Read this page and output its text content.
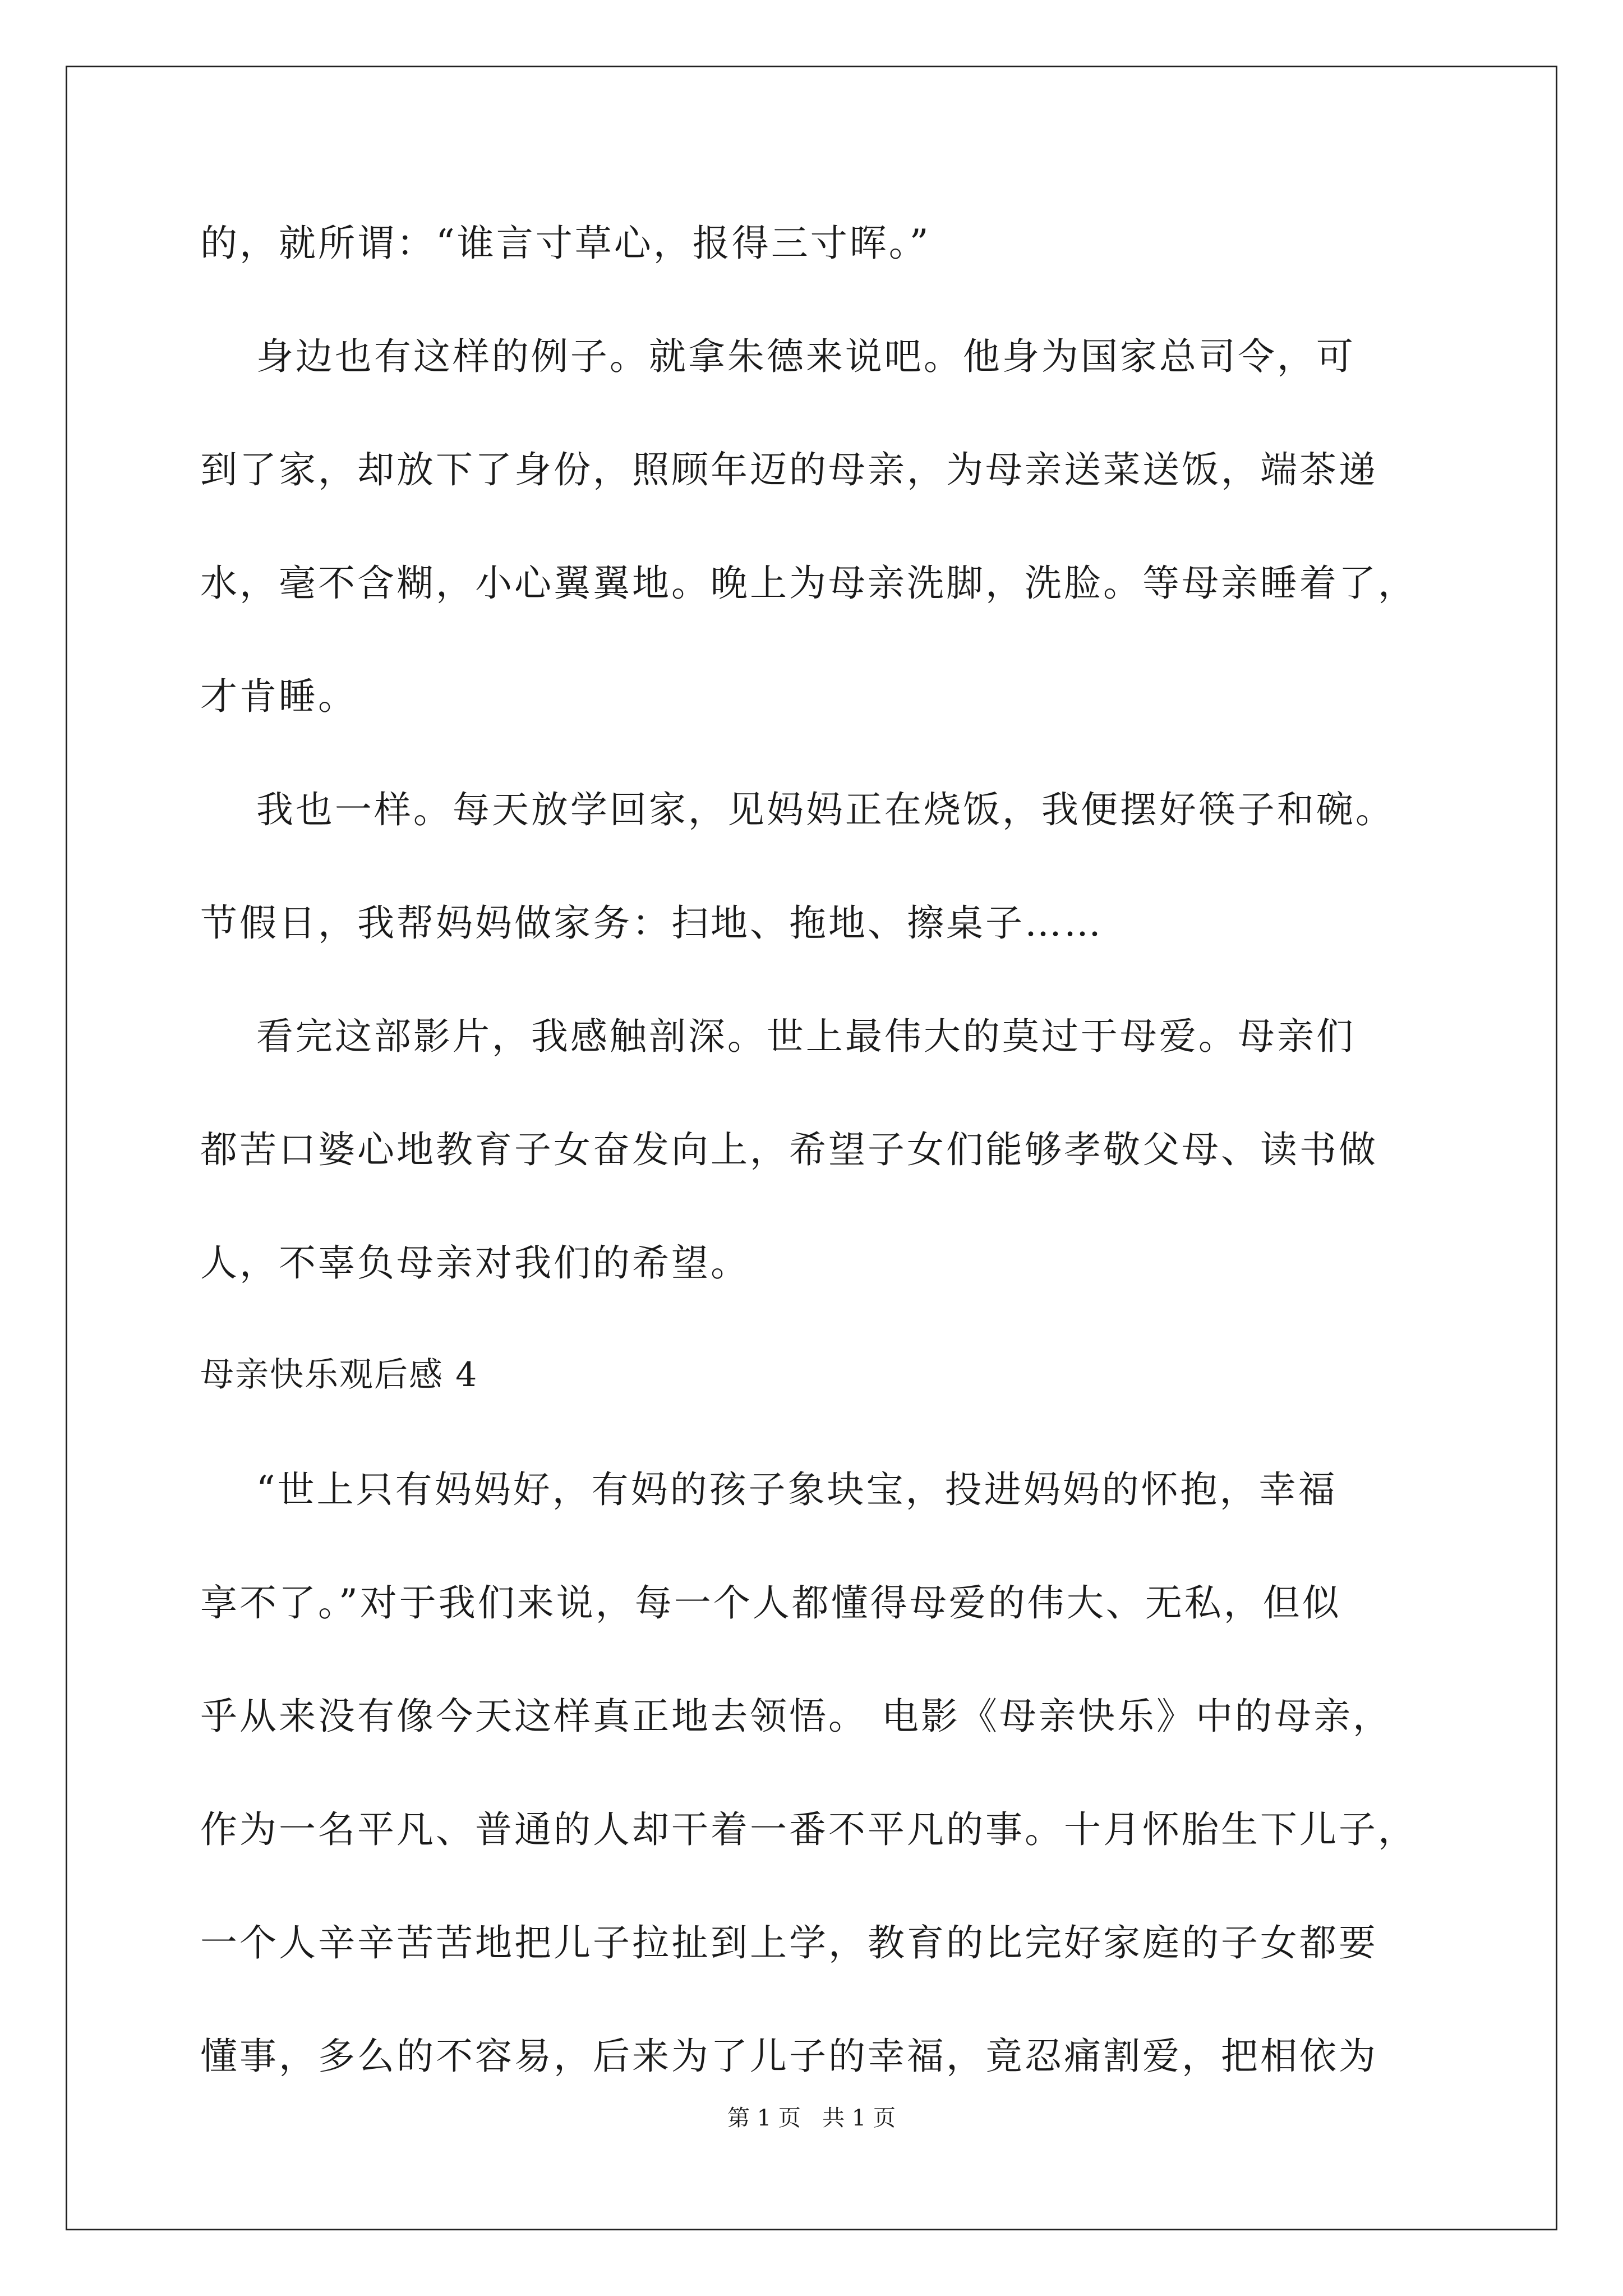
的，就所谓：“谁言寸草心，报得三寸晖。”
身边也有这样的例子。就拿朱德来说吧。他身为国家总司令，可
到了家，却放下了身份，照顾年迈的母亲，为母亲送菜送饭，端茶递
水，毫不含糊，小心翼翼地。晚上为母亲洗脚，洗脸。等母亲睡着了，
才肯睡。
我也一样。每天放学回家，见妈妈正在烧饭，我便摆好筷子和碗。
节假日，我帮妈妈做家务：扫地、拖地、擦桌子……
看完这部影片，我感触剖深。世上最伟大的莫过于母爱。母亲们
都苦口婆心地教育子女奋发向上，希望子女们能够孝敬父母、读书做
人，不辜负母亲对我们的希望。
母亲快乐观后感 4
“世上只有妈妈好，有妈的孩子象块宝，投进妈妈的怀抱，幸福
享不了。”对于我们来说，每一个人都懂得母爱的伟大、无私，但似
乎从来没有像今天这样真正地去领悟。 电影《母亲快乐》中的母亲，
作为一名平凡、普通的人却干着一番不平凡的事。十月怀胎生下儿子，
一个人辛辛苦苦地把儿子拉扯到上学，教育的比完好家庭的子女都要
懂事，多么的不容易，后来为了儿子的幸福，竟忍痛割爱，把相依为
第 1 页   共 1 页
